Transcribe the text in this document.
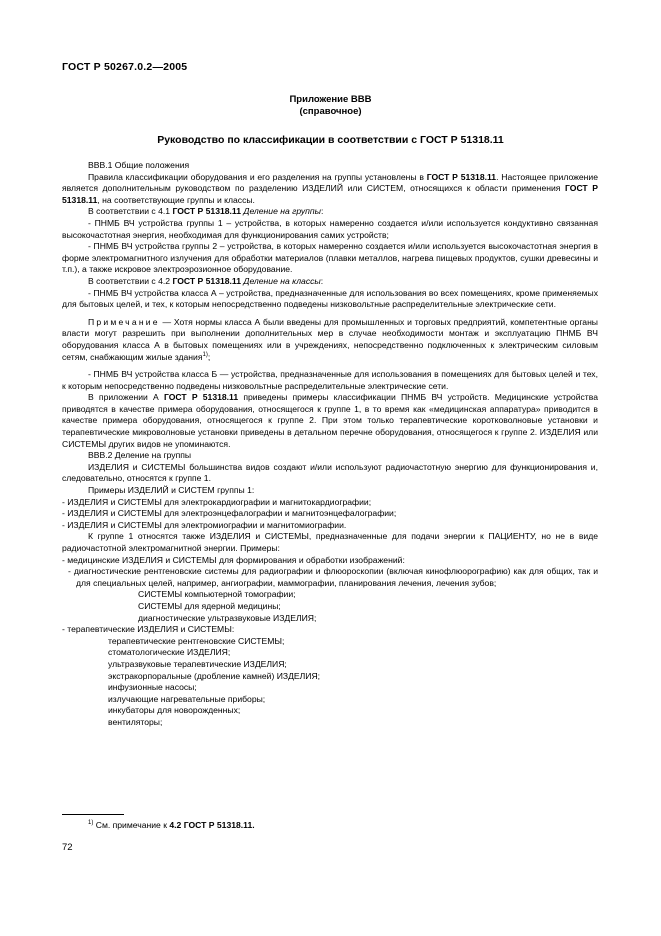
ГОСТ Р 50267.0.2—2005
Приложение ВВВ
(справочное)
Руководство по классификации в соответствии с ГОСТ Р 51318.11

ВВВ.1 Общие положения

Правила классификации оборудования и его разделения на группы установлены в ГОСТ Р 51318.11. Настоящее приложение является дополнительным руководством по разделению ИЗДЕЛИЙ или СИСТЕМ, относящихся к области применения ГОСТ Р 51318.11, на соответствующие группы и классы.

В соответствии с 4.1 ГОСТ Р 51318.11 Деление на группы:

- ПНМБ ВЧ устройства группы 1 – устройства, в которых намеренно создается и/или используется кондуктивно связанная высокочастотная энергия, необходимая для функционирования самих устройств;

- ПНМБ ВЧ устройства группы 2 – устройства, в которых намеренно создается и/или используется высокочастотная энергия в форме электромагнитного излучения для обработки материалов (плавки металлов, нагрева пищевых продуктов, сушки древесины и т.п.), а также искровое электроэрозионное оборудование.

В соответствии с 4.2 ГОСТ Р 51318.11 Деление на классы:

- ПНМБ ВЧ устройства класса А – устройства, предназначенные для использования во всех помещениях, кроме применяемых для бытовых целей, и тех, к которым непосредственно подведены низковольтные распределительные электрические сети.

Примечание — Хотя нормы класса А были введены для промышленных и торговых предприятий, компетентные органы власти могут разрешить при выполнении дополнительных мер в случае необходимости монтаж и эксплуатацию ПНМБ ВЧ оборудования класса А в бытовых помещениях или в учреждениях, непосредственно подключенных к электрическим силовым сетям, снабжающим жилые здания$^{1)}$;

- ПНМБ ВЧ устройства класса Б — устройства, предназначенные для использования в помещениях для бытовых целей и тех, к которым непосредственно подведены низковольтные распределительные электрические сети.

В приложении А ГОСТ Р 51318.11 приведены примеры классификации ПНМБ ВЧ устройств. Медицинские устройства приводятся в качестве примера оборудования, относящегося к группе 1, в то время как «медицинская аппаратура» приводится в качестве примера оборудования, относящегося к группе 2. При этом только терапевтические коротковолновые установки и терапевтические микроволновые установки приведены в детальном перечне оборудования, относящегося к группе 2. ИЗДЕЛИЯ или СИСТЕМЫ других видов не упоминаются.

ВВВ.2 Деление на группы

ИЗДЕЛИЯ и СИСТЕМЫ большинства видов создают и/или используют радиочастотную энергию для функционирования и, следовательно, относятся к группе 1.

Примеры ИЗДЕЛИЙ и СИСТЕМ группы 1:

- ИЗДЕЛИЯ и СИСТЕМЫ для электрокардиографии и магнитокардиографии;

- ИЗДЕЛИЯ и СИСТЕМЫ для электроэнцефалографии и магнитоэнцефалографии;

- ИЗДЕЛИЯ и СИСТЕМЫ для электромиографии и магнитомиографии.

К группе 1 относятся также ИЗДЕЛИЯ и СИСТЕМЫ, предназначенные для подачи энергии к ПАЦИЕНТУ, но не в виде радиочастотной электромагнитной энергии. Примеры:

- медицинские ИЗДЕЛИЯ и СИСТЕМЫ для формирования и обработки изображений:

- диагностические рентгеновские системы для радиографии и флюороскопии (включая кинофлюорографию) как для общих, так и для специальных целей, например, ангиографии, маммографии, планирования лечения, лечения зубов;

СИСТЕМЫ компьютерной томографии;

СИСТЕМЫ для ядерной медицины;

диагностические ультразвуковые ИЗДЕЛИЯ;

- терапевтические ИЗДЕЛИЯ и СИСТЕМЫ:

терапевтические рентгеновские СИСТЕМЫ;

стоматологические ИЗДЕЛИЯ;

ультразвуковые терапевтические ИЗДЕЛИЯ;

экстракорпоральные (дробление камней) ИЗДЕЛИЯ;

инфузионные насосы;

излучающие нагревательные приборы;

инкубаторы для новорожденных;

вентиляторы;

$^{1)}$ См. примечание к 4.2 ГОСТ Р 51318.11.
72
